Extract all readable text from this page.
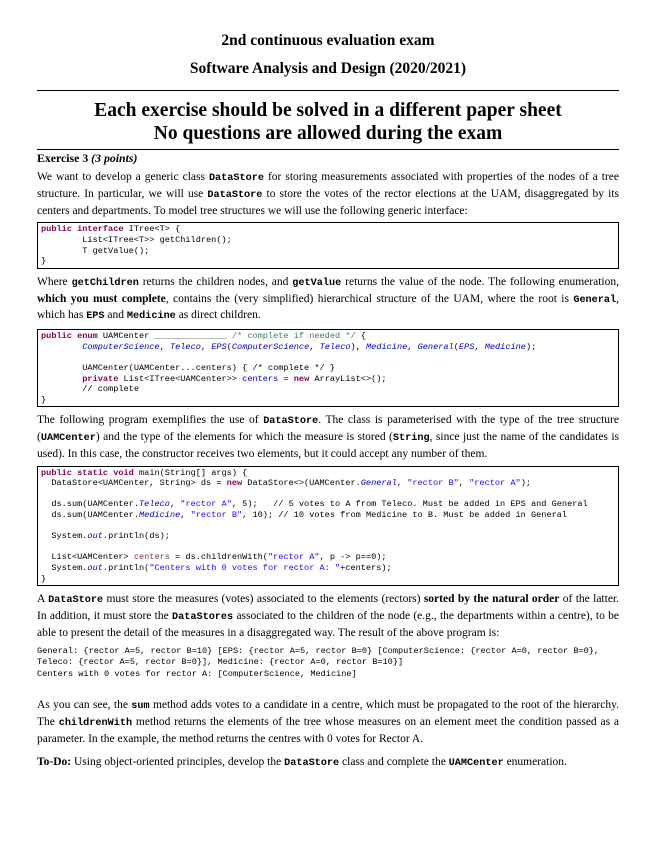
2nd continuous evaluation exam
Software Analysis and Design (2020/2021)
Each exercise should be solved in a different paper sheet
No questions are allowed during the exam
Exercise 3 (3 points)

We want to develop a generic class DataStore for storing measurements associated with properties of the nodes of a tree structure. In particular, we will use DataStore to store the votes of the rector elections at the UAM, disaggregated by its centers and departments. To model tree structures we will use the following generic interface:

public interface ITree<T> {
List<ITree<T>> getChildren();
T getValue();
}

Where getChildren returns the children nodes, and getValue returns the value of the node. The following enumeration, which you must complete, contains the (very simplified) hierarchical structure of the UAM, where the root is General, which has EPS and Medicine as direct children.

public enum UAMCenter ______________ /* complete if needed */ {
ComputerScience, Teleco, EPS(ComputerScience, Teleco), Medicine, General(EPS, Medicine);

UAMCenter(UAMCenter...centers) { /* complete */ }
private List<ITree<UAMCenter>> centers = new ArrayList<>();
// complete
}

The following program exemplifies the use of DataStore. The class is parameterised with the type of the tree structure (UAMCenter) and the type of the elements for which the measure is stored (String, since just the name of the candidates is used). In this case, the constructor receives two elements, but it could accept any number of them.

public static void main(String[] args) {
DataStore<UAMCenter, String> ds = new DataStore<>(UAMCenter.General, "rector B", "rector A");

ds.sum(UAMCenter.Teleco, "rector A", 5);   // 5 votes to A from Teleco. Must be added in EPS and General
ds.sum(UAMCenter.Medicine, "rector B", 10); // 10 votes from Medicine to B. Must be added in General

System.out.println(ds);

List<UAMCenter> centers = ds.childrenWith("rector A", p -> p==0);
System.out.println("Centers with 0 votes for rector A: "+centers);
}

A DataStore must store the measures (votes) associated to the elements (rectors) sorted by the natural order of the latter. In addition, it must store the DataStores associated to the children of the node (e.g., the departments within a centre), to be able to present the detail of the measures in a disaggregated way. The result of the above program is:

General: {rector A=5, rector B=10} [EPS: {rector A=5, rector B=0} [ComputerScience: {rector A=0, rector B=0},
Teleco: {rector A=5, rector B=0}], Medicine: {rector A=0, rector B=10}]
Centers with 0 votes for rector A: [ComputerScience, Medicine]

As you can see, the sum method adds votes to a candidate in a centre, which must be propagated to the root of the hierarchy. The childrenWith method returns the elements of the tree whose measures on an element meet the condition passed as a parameter. In the example, the method returns the centres with 0 votes for Rector A.

To-Do: Using object-oriented principles, develop the DataStore class and complete the UAMCenter enumeration.
